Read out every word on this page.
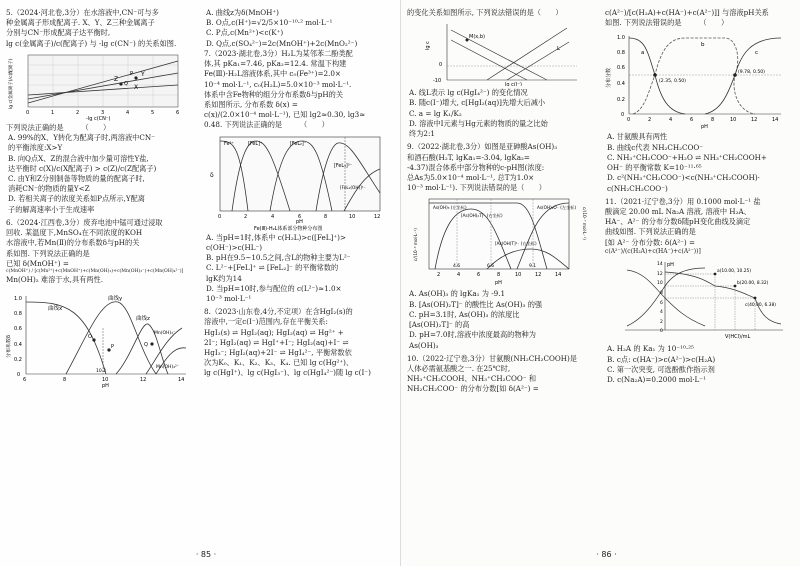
5.（2024·河北卷,3分）在水溶液中,CN⁻可与多

种金属离子形成配离子. X、Y、Z三种金属离子

分别与CN⁻形成配离子达平衡时,

lg c(金属离子)/c(配离子) 与 -lg c(CN⁻) 的关系如图.

Y
X
Z
Q
P
0	1	2	3	4	5	6
-lg c(CN⁻)
lg c(金属离子)/c(配离子)

下列说法正确的是　　　（　　）

A. 99%的X、Y转化为配离子时,两溶液中CN⁻

的平衡浓度:X>Y

B. 向Q点X、Z的混合液中加少量可溶性Y盐,

达平衡时 c(X)/c(X配离子) > c(Z)/c(Z配离子)

C. 由Y和Z分别制备等物质的量的配离子时,

消耗CN⁻的物质的量Y<Z

D. 若相关离子的浓度关系如P点所示,Y配离

子的解离速率小于生成速率

6.（2024·江西卷,3分）废弃电池中锰可通过浸取

回收. 某温度下,MnSO₄在不同浓度的KOH

水溶液中,若Mn(Ⅱ)的分布系数δ与pH的关

系如图. 下列说法正确的是

已知 δ(MnOH⁺) =

c(MnOH⁺) / [c(Mn²⁺)+c(MnOH⁺)+c(Mn(OH)₂)+c(Mn(OH)₃⁻)+c(Mn(OH)₄²⁻)]

Mn(OH)₂ 难溶于水,具有两性.

曲线x
曲线y
曲线z
Mn(OH)₃⁻
Mn(OH)₄²⁻
O
P	Q
10.2
6	8	10	12	14
0
0.2
0.4
0.6
0.8
1.0
pH
分布系数δ

A. 曲线z为δ(MnOH⁺)

B. O点,c(H⁺)=√2/5×10⁻¹⁰·² mol·L⁻¹

C. P点,c(Mn²⁺)<c(K⁺)

D. Q点,c(SO₄²⁻)=2c(MnOH⁺)+2c(MnO₂²⁻)

7.（2023·湖北卷,3分）H₂L为某邻苯二酚类配

体,其 pKa₁=7.46, pKa₂=12.4. 常温下构建

Fe(Ⅲ)-H₂L溶液体系,其中 c₀(Fe³⁺)=2.0×

10⁻⁴ mol·L⁻¹, c₀(H₂L)=5.0×10⁻³ mol·L⁻¹.

体系中含Fe物种的组分分布系数δ与pH的关

系如图所示, 分布系数 δ(x) =

c(x)/(2.0×10⁻⁴ mol·L⁻¹), 已知 lg2≈0.30, lg3≈

0.48. 下列说法正确的是　　　（　　）

Fe³⁺	[FeL]⁺	[FeL₂]⁻
[FeL₃]³⁻
[FeL₂(OH)]²⁻
0	2	4	6	8	10	12
pH
δ
Fe(Ⅲ)-H₂L体系部分物种分布图

A. 当pH=1时,体系中 c(H₂L)>c([FeL]⁺)>

c(OH⁻)>c(HL⁻)

B. pH在9.5~10.5之间,含L的物种主要为L²⁻

C. L²⁻+[FeL]⁺ ⇌ [FeL₂]⁻ 的平衡常数的

lgK约为14

D. 当pH=10时,参与配位的 c(L²⁻)≈1.0×

10⁻³ mol·L⁻¹

8.（2023·山东卷,4分,不定项）在含HgI₂(s)的

溶液中,一定c(I⁻)范围内,存在平衡关系:

HgI₂(s) ⇌ HgI₂(aq); HgI₂(aq) ⇌ Hg²⁺ +

2I⁻; HgI₂(aq) ⇌ HgI⁺+I⁻; HgI₂(aq)+I⁻ ⇌

HgI₃⁻; HgI₂(aq)+2I⁻ ⇌ HgI₄²⁻, 平衡常数依

次为K₀、K₁、K₂、K₃、K₄. 已知 lg c(Hg²⁺)、

lg c(HgI⁺)、lg c(HgI₃⁻)、lg c(HgI₄²⁻)随 lg c(I⁻)

· 85 ·

的变化关系如图所示, 下列说法错误的是（　　）

M(x,b)
L
0
-10
lg c(I⁻)
lg c

A. 线L表示 lg c(HgI₄²⁻) 的变化情况

B. 随c(I⁻)增大, c[HgI₂(aq)]先增大后减小

C. a = lg K₁/K₂

D. 溶液中I元素与Hg元素的物质的量之比始

终为2:1

9.（2022·湖北卷,3分）如图是亚砷酸As(OH)₃

和酒石酸(H₂T, lgKa₁=-3.04, lgKa₂=

-4.37)混合体系中部分物种的c-pH图(浓度:

总As为5.0×10⁻⁴ mol·L⁻¹, 总T为1.0×

10⁻³ mol·L⁻¹). 下列说法错误的是（　　）

As(OH)₃ (左坐标)
[As(OH)₂T]⁻ (右坐标)
As(OH)₂O⁻ (左坐标)
[As(OH)T]²⁻ (右坐标)
4.6	9.1
6.6
2	4	6	8	10	12	14
pH
c/(10⁻⁴ mol·L⁻¹)
c/(10⁻⁷ mol·L⁻¹)

A. As(OH)₃ 的 lgKa₁ 为 -9.1

B. [As(OH)₂T]⁻ 的酸性比 As(OH)₃ 的强

C. pH=3.1时, As(OH)₃ 的浓度比

[As(OH)₂T]⁻ 的高

D. pH=7.0时,溶液中浓度最高的物种为

As(OH)₃

10.（2022·辽宁卷,3分）甘氨酸(NH₂CH₂COOH)是

人体必需氨基酸之一. 在25℃时,

NH₃⁺CH₂COOH、NH₃⁺CH₂COO⁻ 和

NH₂CH₂COO⁻ 的分布分数[如 δ(A²⁻) =

c(A²⁻)/[c(H₂A)+c(HA⁻)+c(A²⁻)]] 与溶液pH关系

如图. 下列说法错误的是　　　（　　）

a
b
c
(2.35, 0.50)
(9.78, 0.50)
0	2	4	6	8	10	12	14
0
0.2
0.4
0.6
0.8
1.0
pH
分布分数

A. 甘氨酸具有两性

B. 曲线c代表 NH₂CH₂COO⁻

C. NH₃⁺CH₂COO⁻+H₂O ⇌ NH₃⁺CH₂COOH+

OH⁻ 的平衡常数 K=10⁻¹¹·⁶⁵

D. c²(NH₃⁺CH₂COO⁻)<c(NH₃⁺CH₂COOH)·

c(NH₂CH₂COO⁻)

11.（2021·辽宁卷,3分）用 0.1000 mol·L⁻¹ 盐

酸滴定 20.00 mL Na₂A 溶液, 溶液中 H₂A、

HA⁻、A²⁻ 的分布分数δ随pH变化曲线及滴定

曲线如图. 下列说法正确的是

[如 A²⁻ 分布分数: δ(A²⁻) =

c(A²⁻)/(c(H₂A)+c(HA⁻)+c(A²⁻))]

a(10.00, 10.25)
b(20.00, 8.32)
c(40.00, 6.38)
0
2
4
6
8
10
12
14 pH
V(HCl)/mL

A. H₂A 的 Ka₁ 为 10⁻¹⁰·²⁵

B. c点: c(HA⁻)>c(A²⁻)>c(H₂A)

C. 第一次突变, 可选酚酞作指示剂

D. c(Na₂A)=0.2000 mol·L⁻¹

· 86 ·
